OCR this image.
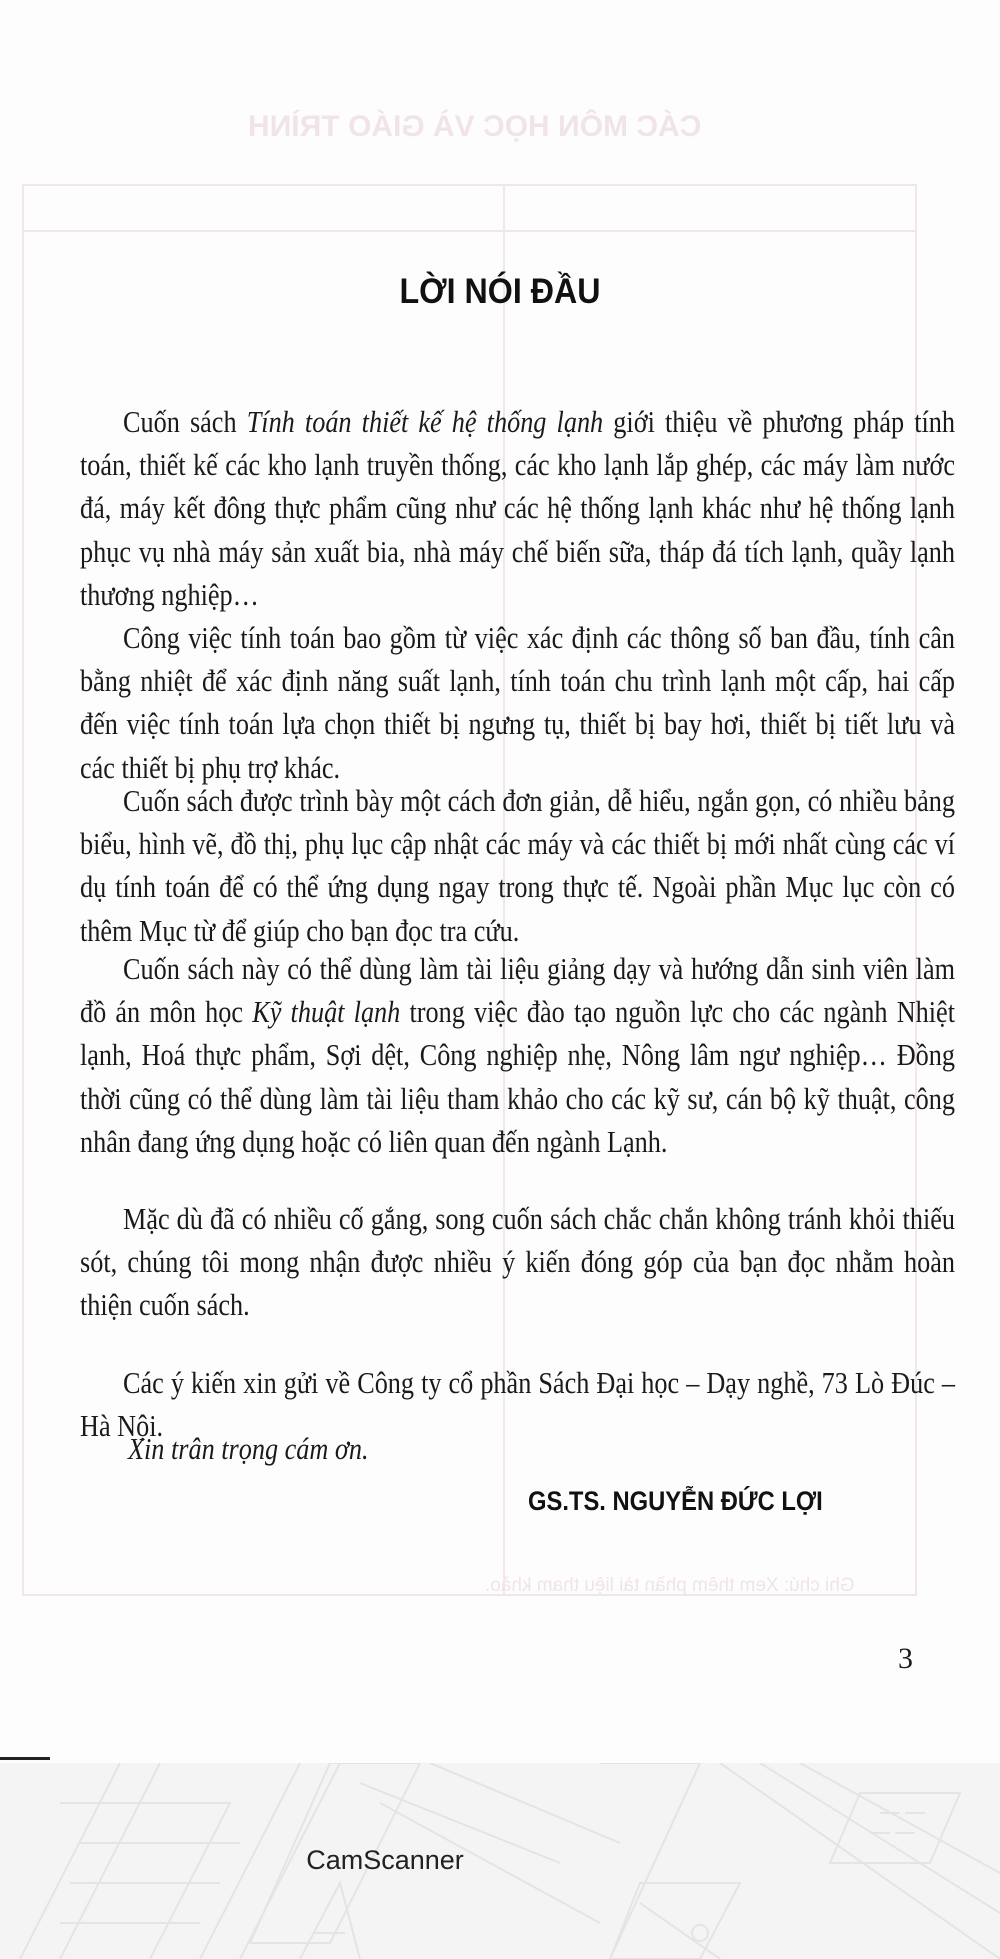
CÁC MÔN HỌC VÀ GIÁO TRÌNH
Ghi chú: Xem thêm phần tài liệu tham khảo.
LỜI NÓI ĐẦU
Cuốn sách Tính toán thiết kế hệ thống lạnh giới thiệu về phương pháp tính toán, thiết kế các kho lạnh truyền thống, các kho lạnh lắp ghép, các máy làm nước đá, máy kết đông thực phẩm cũng như các hệ thống lạnh khác như hệ thống lạnh phục vụ nhà máy sản xuất bia, nhà máy chế biến sữa, tháp đá tích lạnh, quầy lạnh thương nghiệp…
Công việc tính toán bao gồm từ việc xác định các thông số ban đầu, tính cân bằng nhiệt để xác định năng suất lạnh, tính toán chu trình lạnh một cấp, hai cấp đến việc tính toán lựa chọn thiết bị ngưng tụ, thiết bị bay hơi, thiết bị tiết lưu và các thiết bị phụ trợ khác.
Cuốn sách được trình bày một cách đơn giản, dễ hiểu, ngắn gọn, có nhiều bảng biểu, hình vẽ, đồ thị, phụ lục cập nhật các máy và các thiết bị mới nhất cùng các ví dụ tính toán để có thể ứng dụng ngay trong thực tế. Ngoài phần Mục lục còn có thêm Mục từ để giúp cho bạn đọc tra cứu.
Cuốn sách này có thể dùng làm tài liệu giảng dạy và hướng dẫn sinh viên làm đồ án môn học Kỹ thuật lạnh trong việc đào tạo nguồn lực cho các ngành Nhiệt lạnh, Hoá thực phẩm, Sợi dệt, Công nghiệp nhẹ, Nông lâm ngư nghiệp… Đồng thời cũng có thể dùng làm tài liệu tham khảo cho các kỹ sư, cán bộ kỹ thuật, công nhân đang ứng dụng hoặc có liên quan đến ngành Lạnh.
Mặc dù đã có nhiều cố gắng, song cuốn sách chắc chắn không tránh khỏi thiếu sót, chúng tôi mong nhận được nhiều ý kiến đóng góp của bạn đọc nhằm hoàn thiện cuốn sách.
Các ý kiến xin gửi về Công ty cổ phần Sách Đại học – Dạy nghề, 73 Lò Đúc – Hà Nội.
Xin trân trọng cám ơn.
GS.TS. NGUYỄN ĐỨC LỢI
3
CamScanner
